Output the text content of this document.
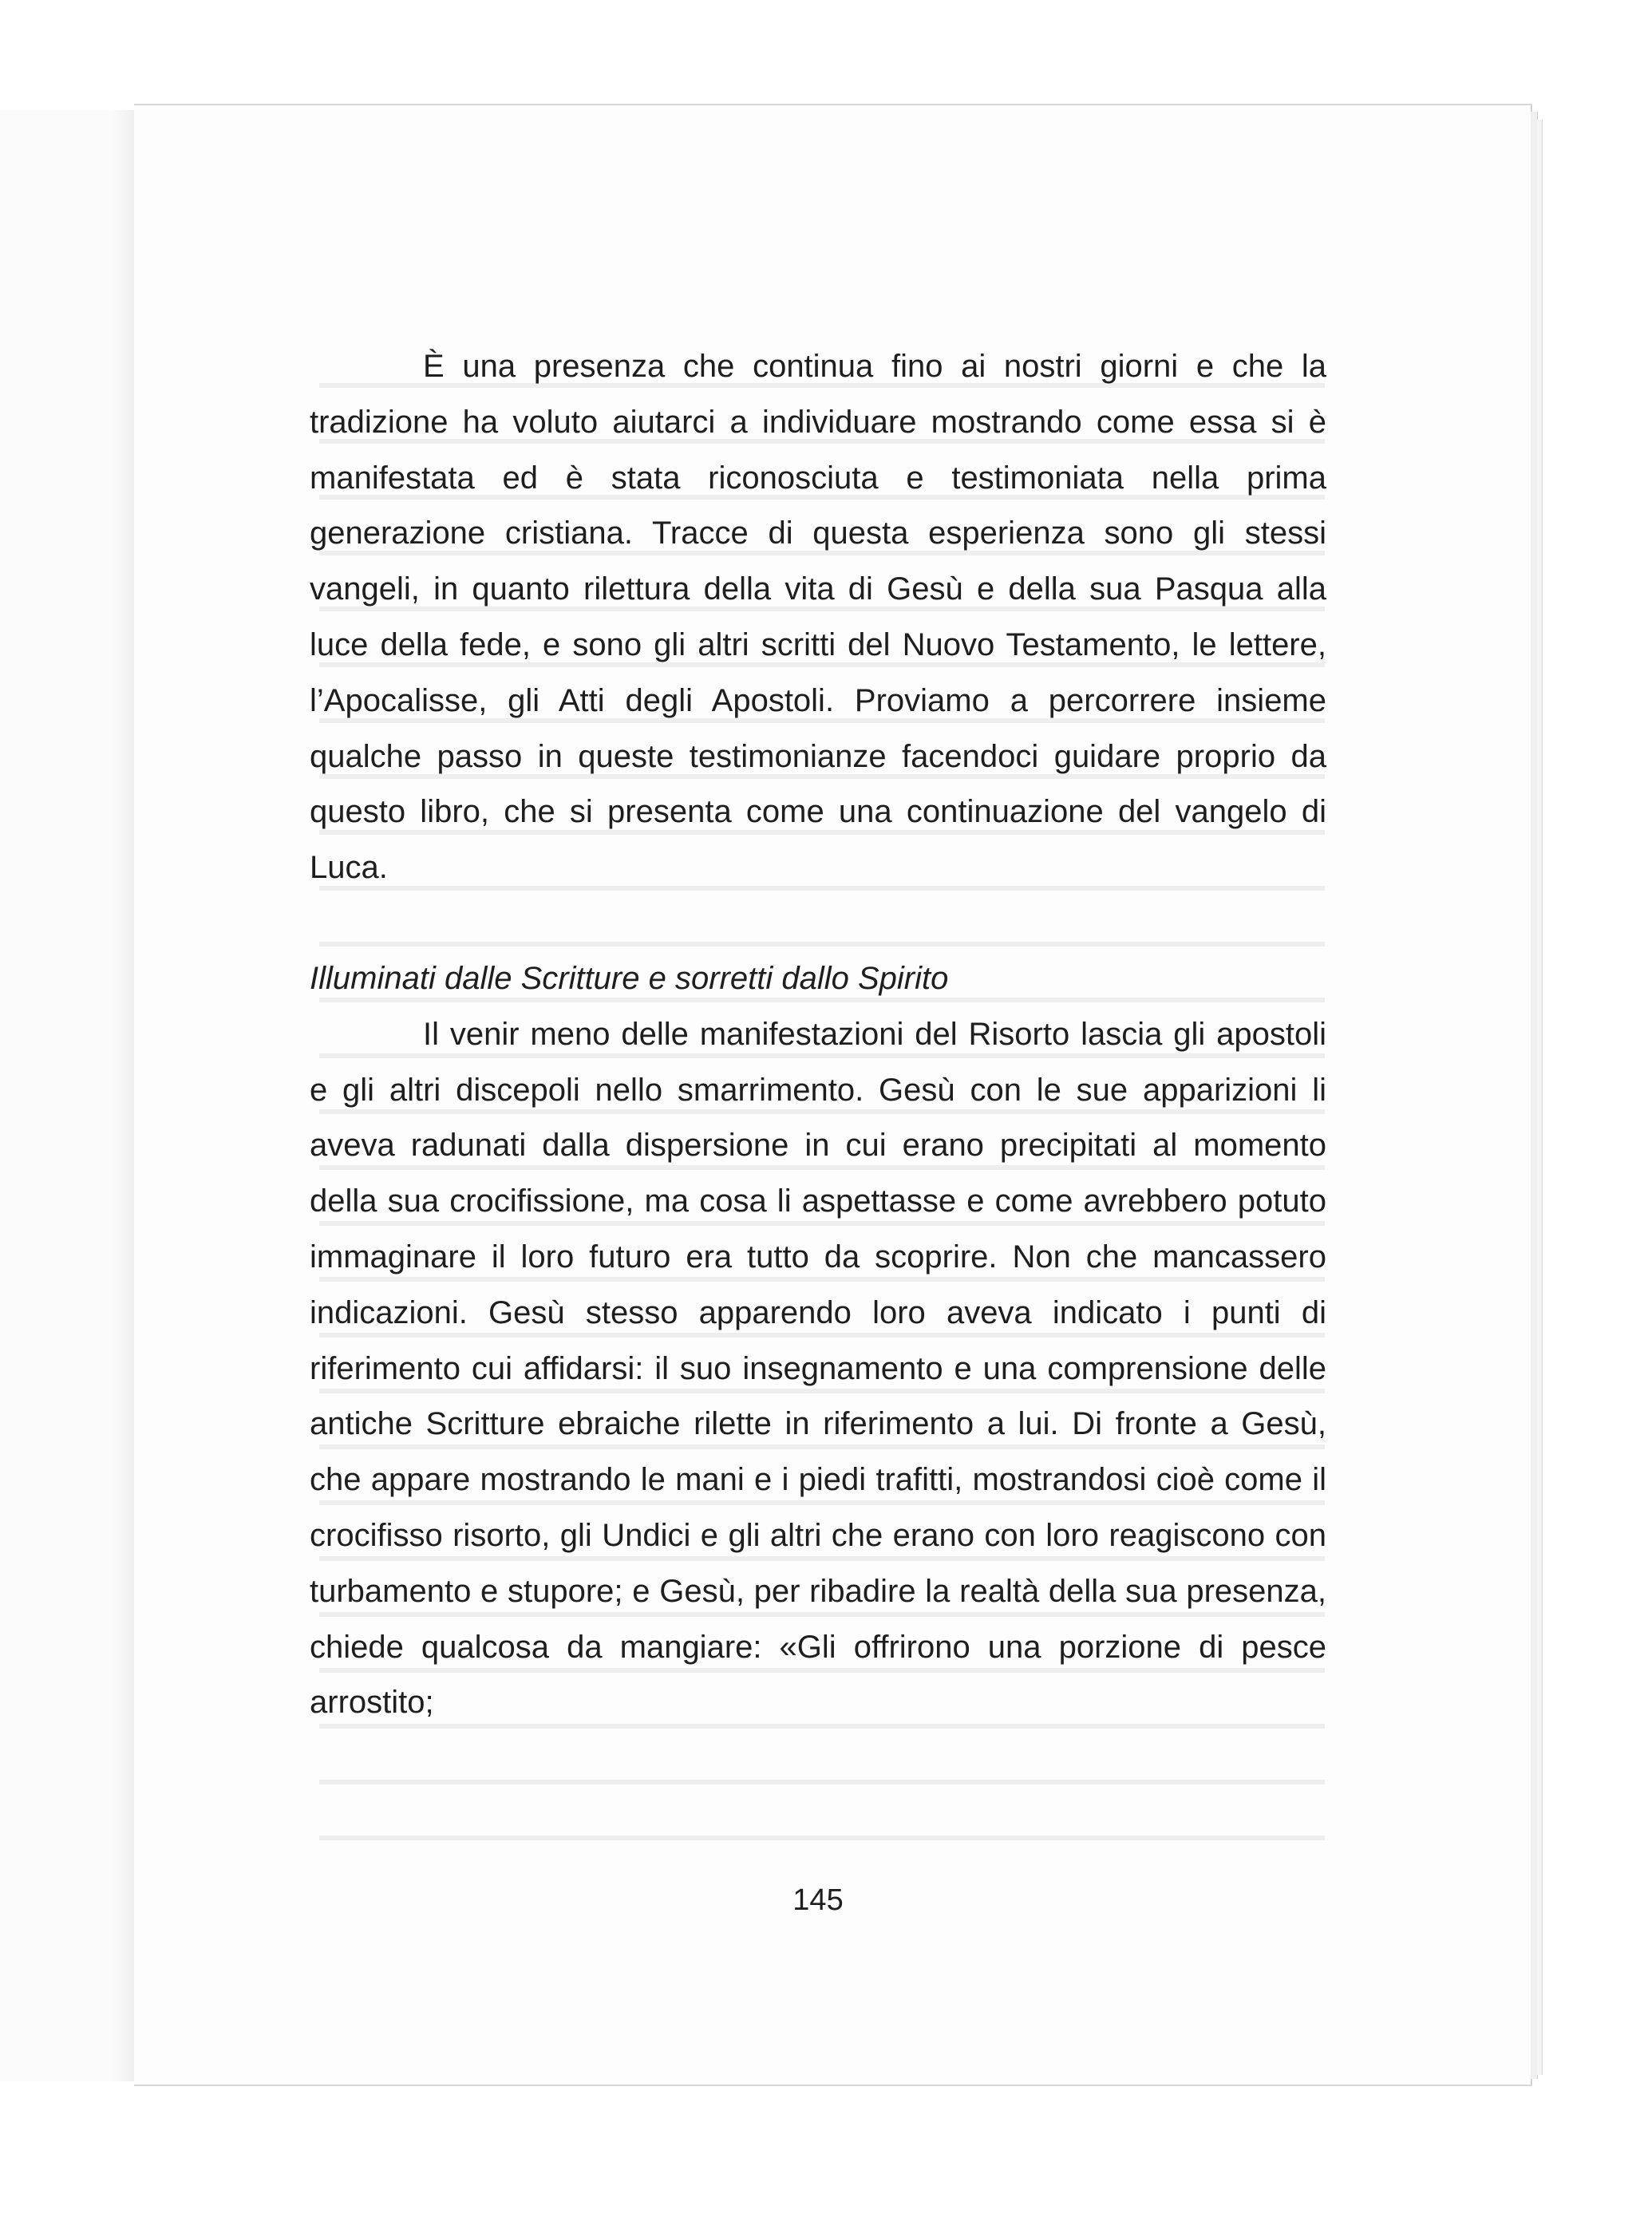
È una presenza che continua fino ai nostri giorni e che la tradizione ha voluto aiutarci a individuare mostrando come essa si è manifestata ed è stata riconosciuta e testimoniata nella prima generazione cristiana. Tracce di questa esperienza sono gli stessi vangeli, in quanto rilettura della vita di Gesù e della sua Pasqua alla luce della fede, e sono gli altri scritti del Nuovo Testamento, le lettere, l’Apocalisse, gli Atti degli Apostoli. Proviamo a percorrere insieme qualche passo in queste testimonianze facendoci guidare proprio da questo libro, che si presenta come una continuazione del vangelo di Luca.

Illuminati dalle Scritture e sorretti dallo Spirito

Il venir meno delle manifestazioni del Risorto lascia gli apostoli e gli altri discepoli nello smarrimento. Gesù con le sue apparizioni li aveva radunati dalla dispersione in cui erano precipitati al momento della sua crocifissione, ma cosa li aspettasse e come avrebbero potuto immaginare il loro futuro era tutto da scoprire. Non che mancassero indicazioni. Gesù stesso apparendo loro aveva indicato i punti di riferimento cui affidarsi: il suo insegnamento e una comprensione delle antiche Scritture ebraiche rilette in riferimento a lui. Di fronte a Gesù, che appare mostrando le mani e i piedi trafitti, mostrandosi cioè come il crocifisso risorto, gli Undici e gli altri che erano con loro reagiscono con turbamento e stupore; e Gesù, per ribadire la realtà della sua presenza, chiede qualcosa da mangiare: «Gli offrirono una porzione di pesce arrostito;

145
